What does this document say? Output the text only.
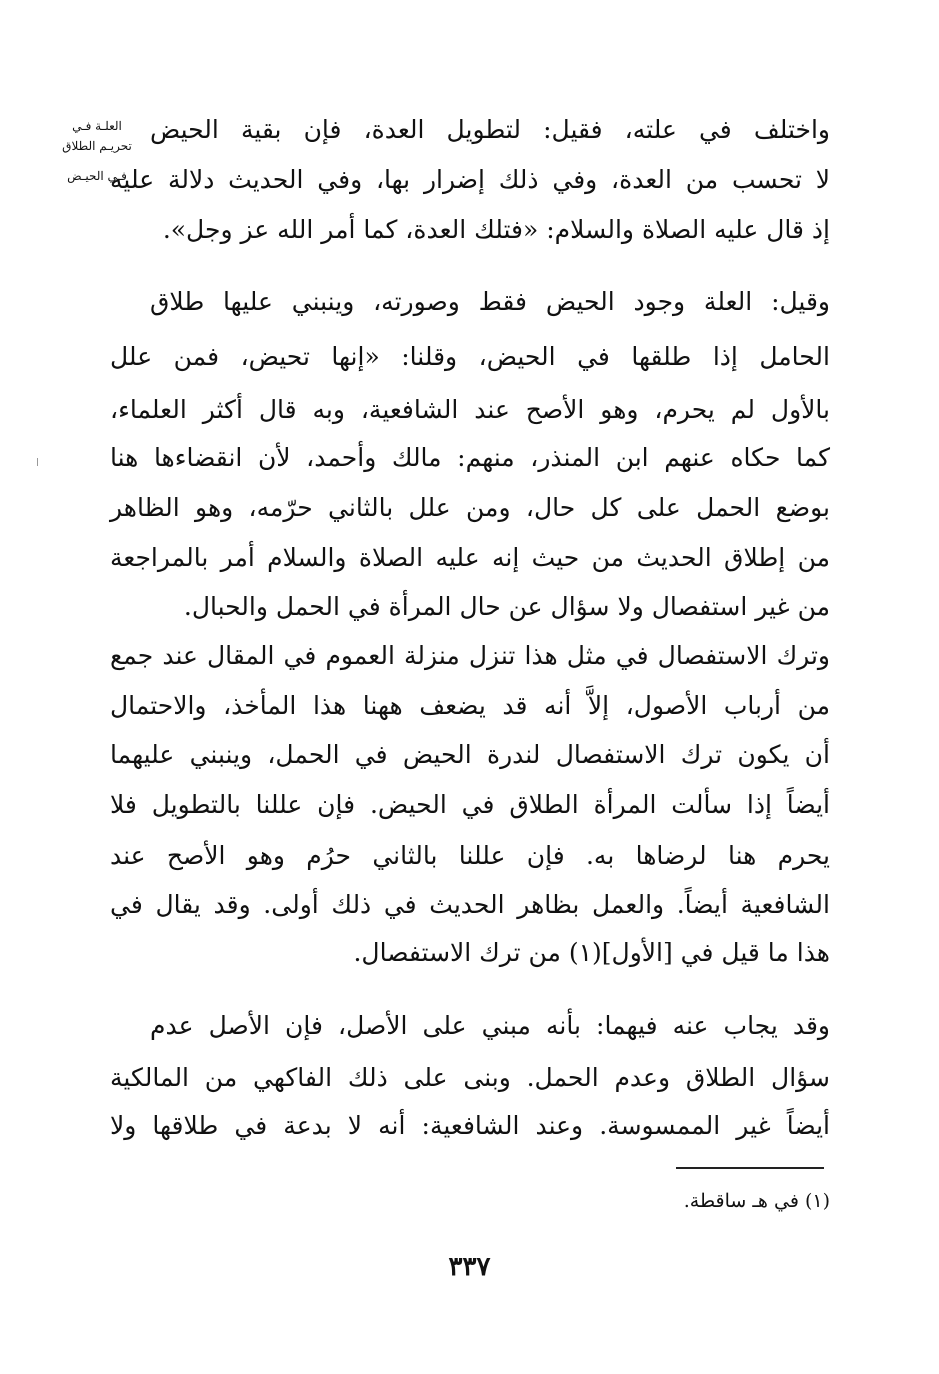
العلـة فـي
تحريـم الطلاق
فـي الحيـض
واختلف في علته، فقيل: لتطويل العدة، فإن بقية الحيض
لا تحسب من العدة، وفي ذلك إضرار بها، وفي الحديث دلالة عليه
إذ قال عليه الصلاة والسلام: «فتلك العدة، كما أمر الله عز وجل».
وقيل: العلة وجود الحيض فقط وصورته، وينبني عليها طلاق
الحامل إذا طلقها في الحيض، وقلنا: «إنها تحيض، فمن علل
بالأول لم يحرم، وهو الأصح عند الشافعية، وبه قال أكثر العلماء،
كما حكاه عنهم ابن المنذر، منهم: مالك وأحمد، لأن انقضاءها هنا
بوضع الحمل على كل حال، ومن علل بالثاني حرّمه، وهو الظاهر
من إطلاق الحديث من حيث إنه عليه الصلاة والسلام أمر بالمراجعة
من غير استفصال ولا سؤال عن حال المرأة في الحمل والحبال.
وترك الاستفصال في مثل هذا تنزل منزلة العموم في المقال عند جمع
من أرباب الأصول، إلاَّ أنه قد يضعف ههنا هذا المأخذ، والاحتمال
أن يكون ترك الاستفصال لندرة الحيض في الحمل، وينبني عليهما
أيضاً إذا سألت المرأة الطلاق في الحيض. فإن عللنا بالتطويل فلا
يحرم هنا لرضاها به. فإن عللنا بالثاني حرُم وهو الأصح عند
الشافعية أيضاً. والعمل بظاهر الحديث في ذلك أولى. وقد يقال في
هذا ما قيل في [الأول](١) من ترك الاستفصال.
وقد يجاب عنه فيهما: بأنه مبني على الأصل، فإن الأصل عدم
سؤال الطلاق وعدم الحمل. وبنى على ذلك الفاكهي من المالكية
أيضاً غير الممسوسة. وعند الشافعية: أنه لا بدعة في طلاقها ولا
(١) في هـ ساقطة.
٣٣٧
